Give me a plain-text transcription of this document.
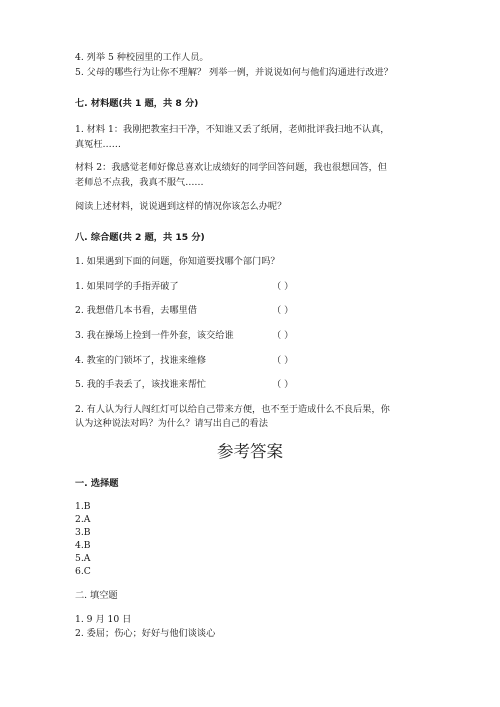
4. 列举 5 种校园里的工作人员。
5. 父母的哪些行为让你不理解？ 列举一例，并说说如何与他们沟通进行改进？
七. 材料题(共 1 题，共 8 分)
1. 材料 1：我刚把教室扫干净，不知谁又丢了纸屑，老师批评我扫地不认真，
真冤枉……
材料 2：我感觉老师好像总喜欢让成绩好的同学回答问题，我也很想回答，但
老师总不点我，我真不服气……
阅读上述材料，说说遇到这样的情况你该怎么办呢？
八. 综合题(共 2 题，共 15 分)
1. 如果遇到下面的问题，你知道要找哪个部门吗？
1. 如果同学的手指弄破了	（ ）
2. 我想借几本书看，去哪里借	（ ）
3. 我在操场上捡到一件外套，该交给谁	（ ）
4. 教室的门锁坏了，找谁来维修	（ ）
5. 我的手表丢了，该找谁来帮忙	（ ）
2. 有人认为行人闯红灯可以给自己带来方便，也不至于造成什么不良后果，你
认为这种说法对吗？为什么？请写出自己的看法
参考答案
一. 选择题
1.B
2.A
3.B
4.B
5.A
6.C
二. 填空题
1. 9 月 10 日
2. 委屈；伤心；好好与他们谈谈心
